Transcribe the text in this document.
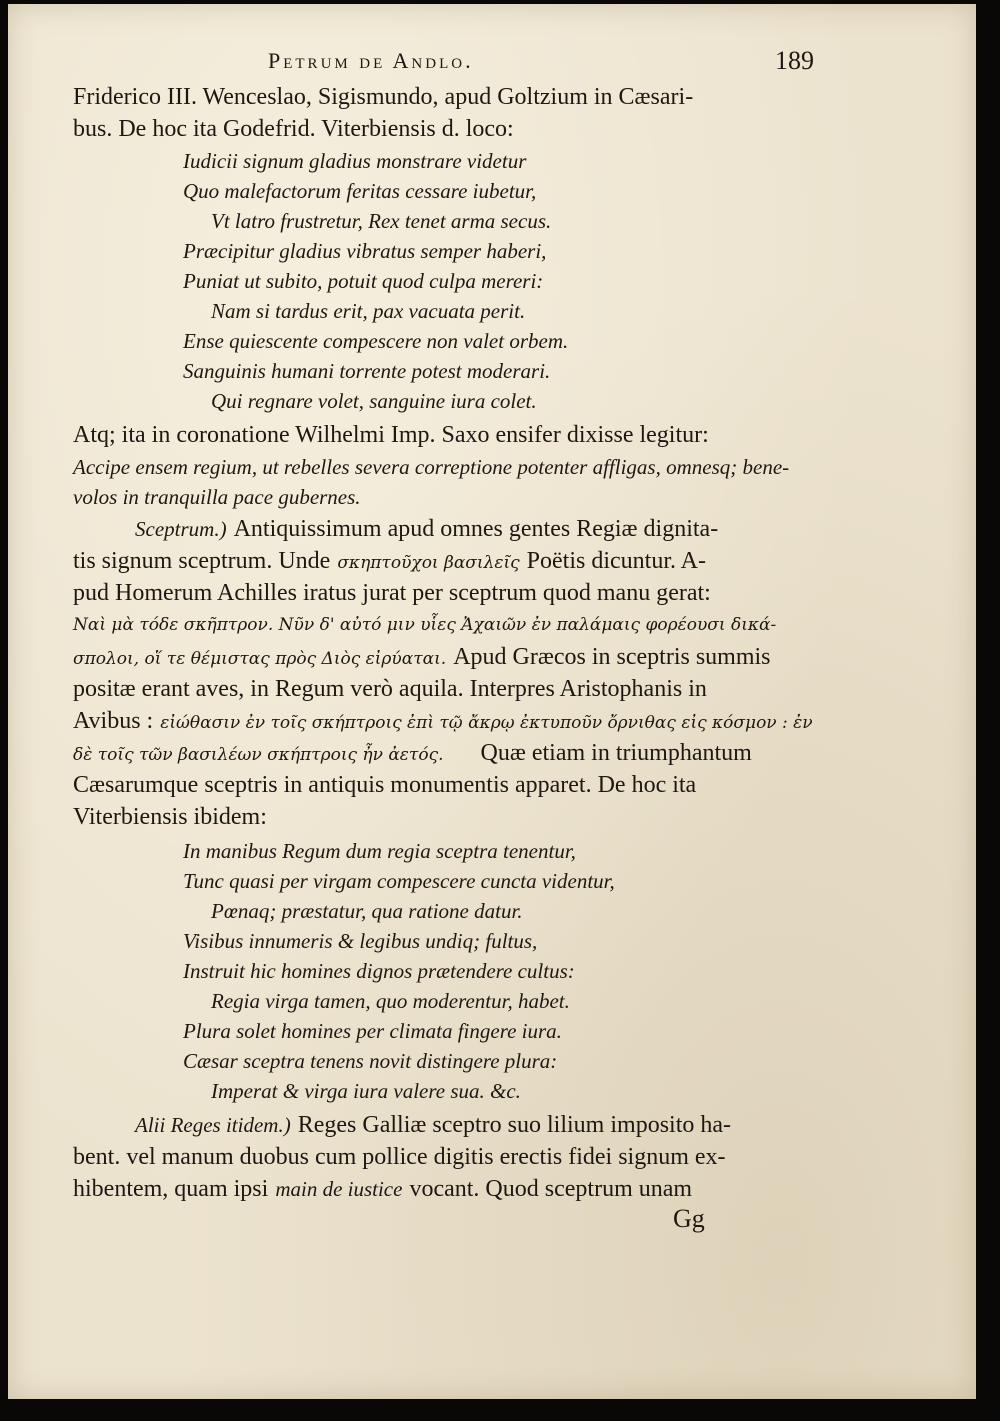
Petrum de Andlo.	189
Friderico III. Wenceslao, Sigismundo, apud Goltzium in Cæsari-
bus. De hoc ita Godefrid. Viterbiensis d. loco:
Iudicii signum gladius monstrare videtur
Quo malefactorum feritas cessare iubetur,
Vt latro frustretur, Rex tenet arma secus.
Præcipitur gladius vibratus semper haberi,
Puniat ut subito, potuit quod culpa mereri:
Nam si tardus erit, pax vacuata perit.
Ense quiescente compescere non valet orbem.
Sanguinis humani torrente potest moderari.
Qui regnare volet, sanguine iura colet.
Atq; ita in coronatione Wilhelmi Imp. Saxo ensifer dixisse legitur:
Accipe ensem regium, ut rebelles severa correptione potenter affligas, omnesq; bene-
volos in tranquilla pace gubernes.
Sceptrum.) Antiquissimum apud omnes gentes Regiæ dignita-
tis signum sceptrum. Unde σκηπτοῦχοι βασιλεῖς Poëtis dicuntur. A-
pud Homerum Achilles iratus jurat per sceptrum quod manu gerat:
Ναὶ μὰ τόδε σκῆπτρον. Νῦν δ' αὐτό μιν υἷες Ἀχαιῶν ἐν παλάμαις φορέουσι δικά-
σπολοι, οἵ τε θέμιστας πρὸς Διὸς εἰρύαται. Apud Græcos in sceptris summis
positæ erant aves, in Regum verò aquila. Interpres Aristophanis in
Avibus : εἰώθασιν ἐν τοῖς σκήπτροις ἐπὶ τῷ ἄκρῳ ἐκτυποῦν ὄρνιθας εἰς κόσμον : ἐν
δὲ τοῖς τῶν βασιλέων σκήπτροις ἦν ἀετός. Quæ etiam in triumphantum
Cæsarumque sceptris in antiquis monumentis apparet. De hoc ita
Viterbiensis ibidem:
In manibus Regum dum regia sceptra tenentur,
Tunc quasi per virgam compescere cuncta videntur,
Pœnaq; præstatur, qua ratione datur.
Visibus innumeris & legibus undiq; fultus,
Instruit hic homines dignos prætendere cultus:
Regia virga tamen, quo moderentur, habet.
Plura solet homines per climata fingere iura.
Cæsar sceptra tenens novit distingere plura:
Imperat & virga iura valere sua. &c.
Alii Reges itidem.) Reges Galliæ sceptro suo lilium imposito ha-
bent. vel manum duobus cum pollice digitis erectis fidei signum ex-
hibentem, quam ipsi main de iustice vocant. Quod sceptrum unam
Gg
